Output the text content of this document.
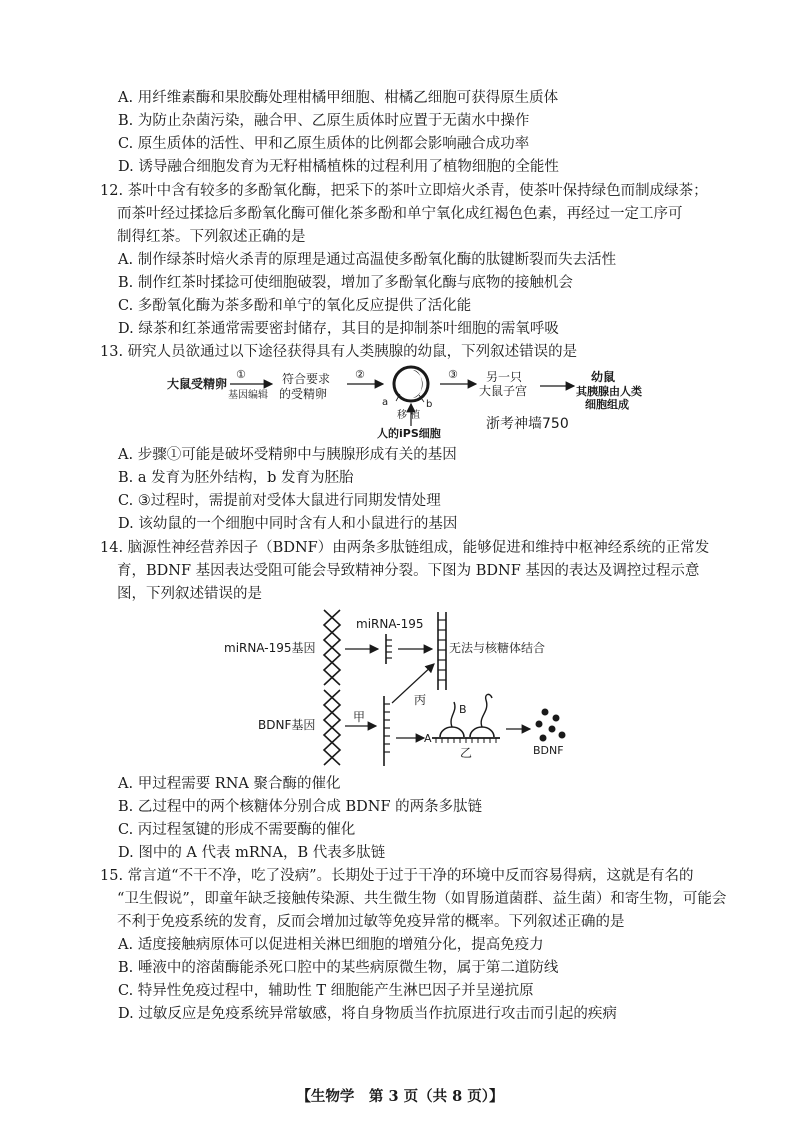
A. 用纤维素酶和果胶酶处理柑橘甲细胞、柑橘乙细胞可获得原生质体
B. 为防止杂菌污染，融合甲、乙原生质体时应置于无菌水中操作
C. 原生质体的活性、甲和乙原生质体的比例都会影响融合成功率
D. 诱导融合细胞发育为无籽柑橘植株的过程利用了植物细胞的全能性
12. 茶叶中含有较多的多酚氧化酶，把采下的茶叶立即焙火杀青，使茶叶保持绿色而制成绿茶；
而茶叶经过揉捻后多酚氧化酶可催化茶多酚和单宁氧化成红褐色色素，再经过一定工序可
制得红茶。下列叙述正确的是
A. 制作绿茶时焙火杀青的原理是通过高温使多酚氧化酶的肽键断裂而失去活性
B. 制作红茶时揉捻可使细胞破裂，增加了多酚氧化酶与底物的接触机会
C. 多酚氧化酶为茶多酚和单宁的氧化反应提供了活化能
D. 绿茶和红茶通常需要密封储存，其目的是抑制茶叶细胞的需氧呼吸
13. 研究人员欲通过以下途径获得具有人类胰腺的幼鼠，下列叙述错误的是
大鼠受精卵
①
基因编辑
符合要求
的受精卵
②
a	b
移 植
人的iPS细胞
③ 另一只
大鼠子宫
幼鼠
其胰腺由人类
细胞组成
浙考神墙750
A. 步骤①可能是破坏受精卵中与胰腺形成有关的基因
B. a 发育为胚外结构，b 发育为胚胎
C. ③过程时，需提前对受体大鼠进行同期发情处理
D. 该幼鼠的一个细胞中同时含有人和小鼠进行的基因
14. 脑源性神经营养因子（BDNF）由两条多肽链组成，能够促进和维持中枢神经系统的正常发
育，BDNF 基因表达受阻可能会导致精神分裂。下图为 BDNF 基因的表达及调控过程示意
图，下列叙述错误的是
miRNA-195基因
miRNA-195
无法与核糖体结合
丙
BDNF基因
甲
B
A
乙	BDNF
A. 甲过程需要 RNA 聚合酶的催化
B. 乙过程中的两个核糖体分别合成 BDNF 的两条多肽链
C. 丙过程氢键的形成不需要酶的催化
D. 图中的 A 代表 mRNA，B 代表多肽链
15. 常言道“不干不净，吃了没病”。长期处于过于干净的环境中反而容易得病，这就是有名的
“卫生假说”，即童年缺乏接触传染源、共生微生物（如胃肠道菌群、益生菌）和寄生物，可能会
不利于免疫系统的发育，反而会增加过敏等免疫异常的概率。下列叙述正确的是
A. 适度接触病原体可以促进相关淋巴细胞的增殖分化，提高免疫力
B. 唾液中的溶菌酶能杀死口腔中的某些病原微生物，属于第二道防线
C. 特异性免疫过程中，辅助性 T 细胞能产生淋巴因子并呈递抗原
D. 过敏反应是免疫系统异常敏感，将自身物质当作抗原进行攻击而引起的疾病
【生物学　第 3 页（共 8 页）】
